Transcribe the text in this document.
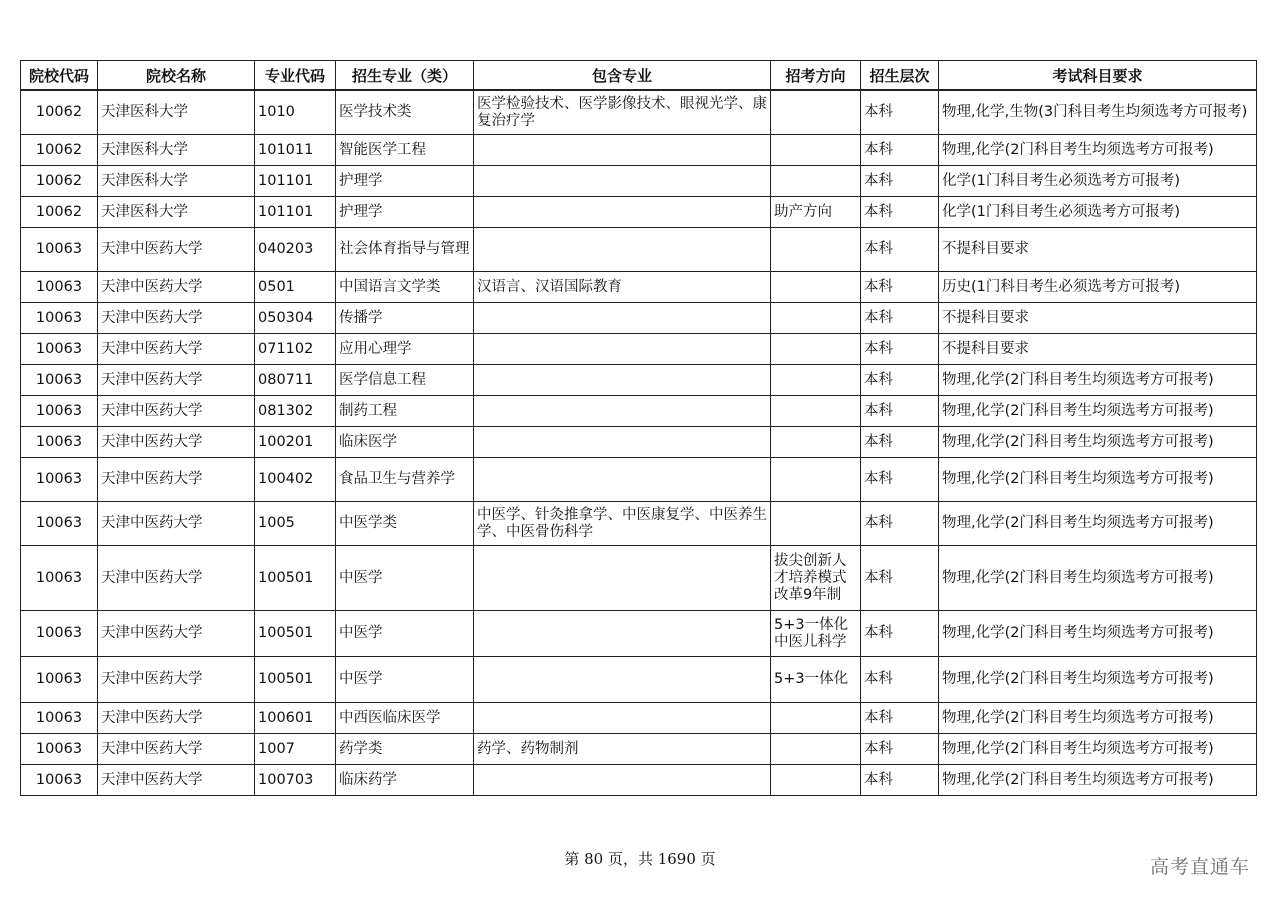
院校代码	院校名称	专业代码	招生专业（类）	包含专业	招考方向	招生层次	考试科目要求
10062	天津医科大学	1010	医学技术类	医学检验技术、医学影像技术、眼视光学、康复治疗学		本科	物理,化学,生物(3门科目考生均须选考方可报考)
10062	天津医科大学	101011	智能医学工程			本科	物理,化学(2门科目考生均须选考方可报考)
10062	天津医科大学	101101	护理学			本科	化学(1门科目考生必须选考方可报考)
10062	天津医科大学	101101	护理学		助产方向	本科	化学(1门科目考生必须选考方可报考)
10063	天津中医药大学	040203	社会体育指导与管理			本科	不提科目要求
10063	天津中医药大学	0501	中国语言文学类	汉语言、汉语国际教育		本科	历史(1门科目考生必须选考方可报考)
10063	天津中医药大学	050304	传播学			本科	不提科目要求
10063	天津中医药大学	071102	应用心理学			本科	不提科目要求
10063	天津中医药大学	080711	医学信息工程			本科	物理,化学(2门科目考生均须选考方可报考)
10063	天津中医药大学	081302	制药工程			本科	物理,化学(2门科目考生均须选考方可报考)
10063	天津中医药大学	100201	临床医学			本科	物理,化学(2门科目考生均须选考方可报考)
10063	天津中医药大学	100402	食品卫生与营养学			本科	物理,化学(2门科目考生均须选考方可报考)
10063	天津中医药大学	1005	中医学类	中医学、针灸推拿学、中医康复学、中医养生学、中医骨伤科学		本科	物理,化学(2门科目考生均须选考方可报考)
10063	天津中医药大学	100501	中医学		拔尖创新人才培养模式改革9年制	本科	物理,化学(2门科目考生均须选考方可报考)
10063	天津中医药大学	100501	中医学		5+3一体化中医儿科学	本科	物理,化学(2门科目考生均须选考方可报考)
10063	天津中医药大学	100501	中医学		5+3一体化	本科	物理,化学(2门科目考生均须选考方可报考)
10063	天津中医药大学	100601	中西医临床医学			本科	物理,化学(2门科目考生均须选考方可报考)
10063	天津中医药大学	1007	药学类	药学、药物制剂		本科	物理,化学(2门科目考生均须选考方可报考)
10063	天津中医药大学	100703	临床药学			本科	物理,化学(2门科目考生均须选考方可报考)
第 80 页，共 1690 页	高考直通车
